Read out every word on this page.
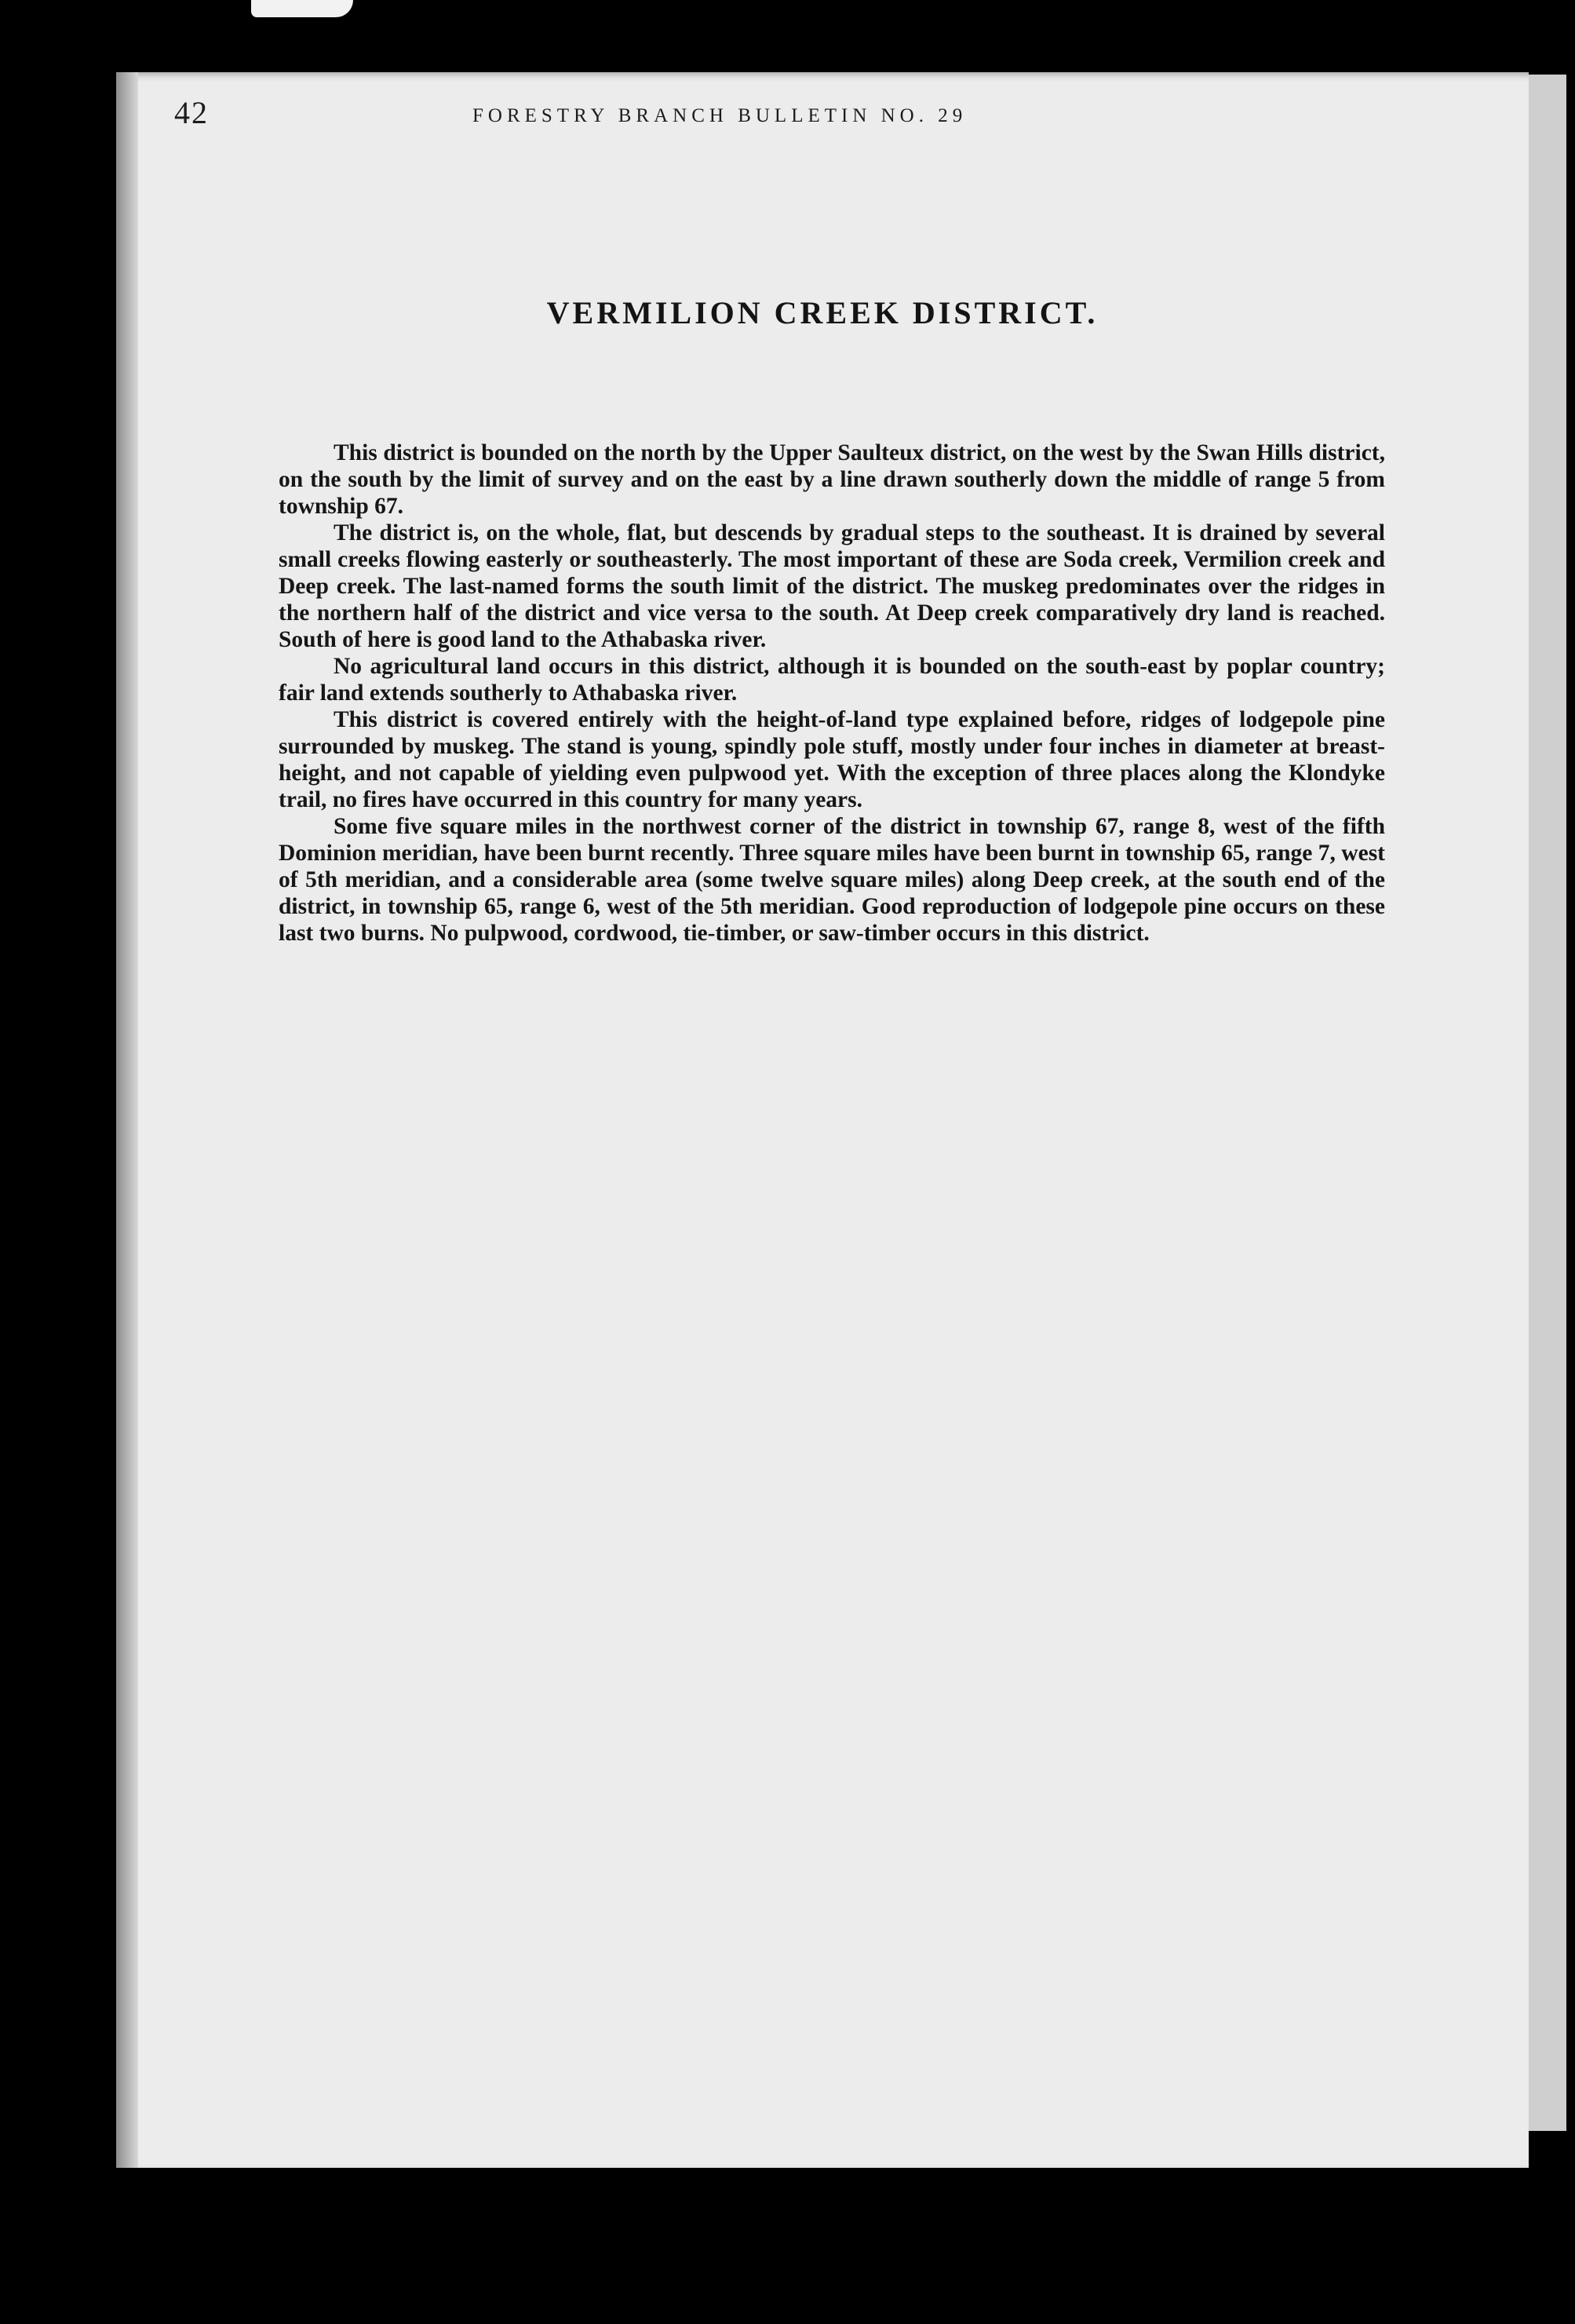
42	FORESTRY BRANCH BULLETIN NO. 29
VERMILION CREEK DISTRICT.

This district is bounded on the north by the Upper Saulteux district, on the west by the Swan Hills district, on the south by the limit of survey and on the east by a line drawn southerly down the middle of range 5 from township 67.

The district is, on the whole, flat, but descends by gradual steps to the southeast. It is drained by several small creeks flowing easterly or southeasterly. The most important of these are Soda creek, Vermilion creek and Deep creek. The last-named forms the south limit of the district. The muskeg predominates over the ridges in the northern half of the district and vice versa to the south. At Deep creek comparatively dry land is reached. South of here is good land to the Athabaska river.

No agricultural land occurs in this district, although it is bounded on the south-east by poplar country; fair land extends southerly to Athabaska river.

This district is covered entirely with the height-of-land type explained before, ridges of lodgepole pine surrounded by muskeg. The stand is young, spindly pole stuff, mostly under four inches in diameter at breast-height, and not capable of yielding even pulpwood yet. With the exception of three places along the Klondyke trail, no fires have occurred in this country for many years.

Some five square miles in the northwest corner of the district in township 67, range 8, west of the fifth Dominion meridian, have been burnt recently. Three square miles have been burnt in township 65, range 7, west of 5th meridian, and a considerable area (some twelve square miles) along Deep creek, at the south end of the district, in township 65, range 6, west of the 5th meridian. Good reproduction of lodgepole pine occurs on these last two burns. No pulpwood, cordwood, tie-timber, or saw-timber occurs in this district.
